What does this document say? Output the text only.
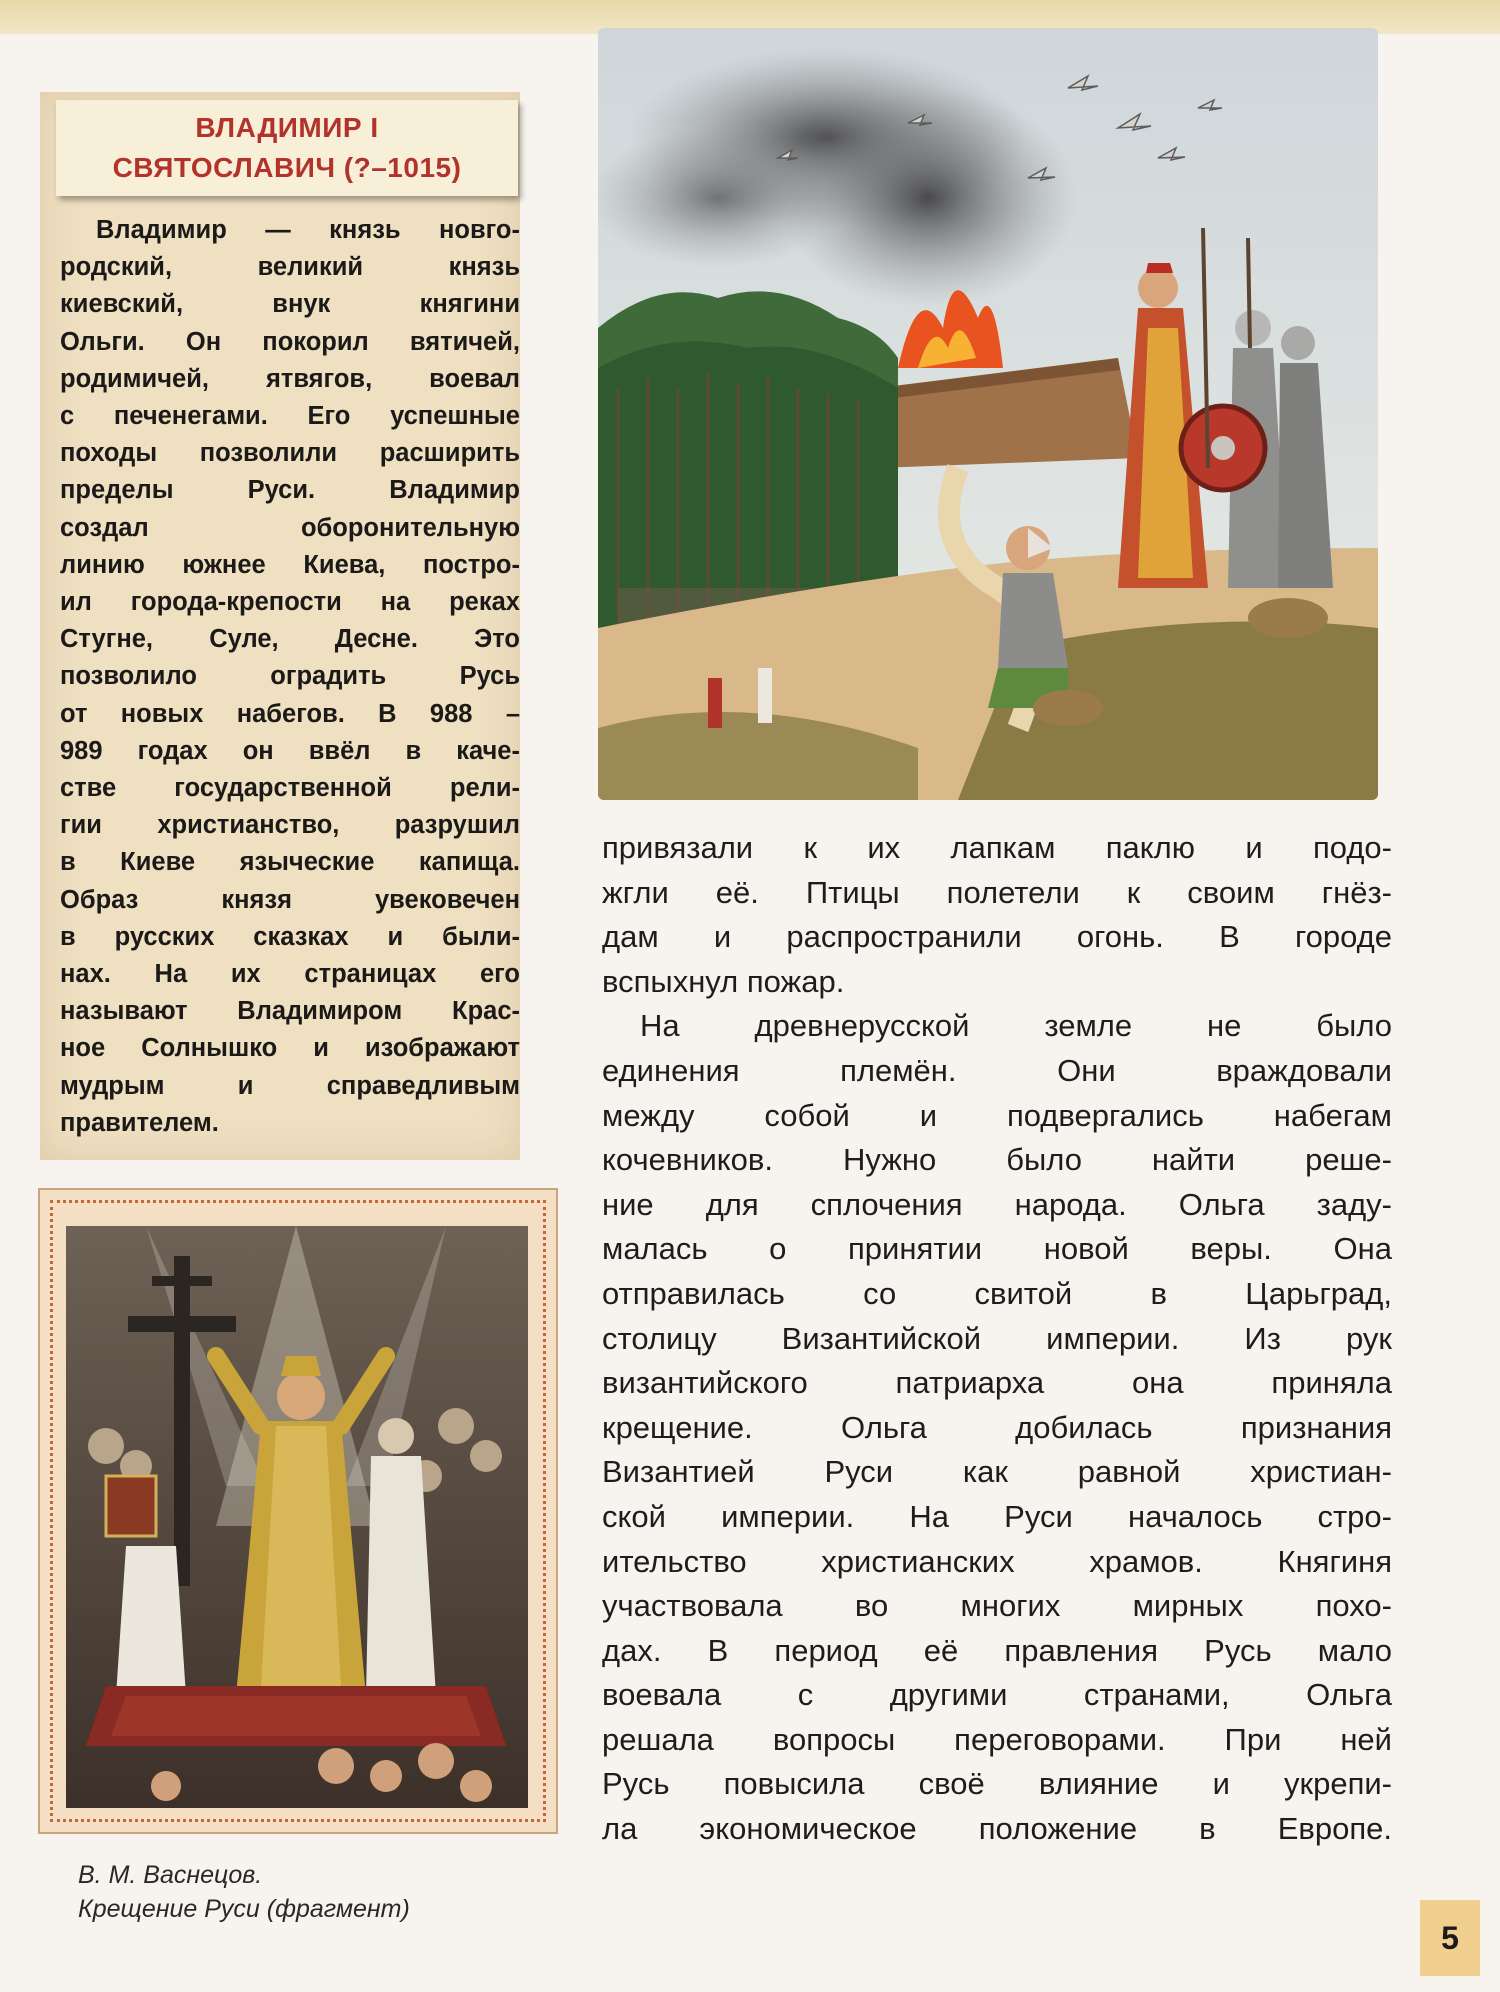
ВЛАДИМИР I
СВЯТОСЛАВИЧ (?–1015)
Владимир — князь новго-
родский, великий князь
киевский, внук княгини
Ольги. Он покорил вятичей,
родимичей, ятвягов, воевал
с печенегами. Его успешные
походы позволили расширить
пределы Руси. Владимир
создал оборонительную
линию южнее Киева, постро-
ил города-крепости на реках
Стугне, Суле, Десне. Это
позволило оградить Русь
от новых набегов. В 988 –
989 годах он ввёл в каче-
стве государственной рели-
гии христианство, разрушил
в Киеве языческие капища.
Образ князя увековечен
в русских сказках и были-
нах. На их страницах его
называют Владимиром Крас-
ное Солнышко и изображают
мудрым и справедливым
правителем.
В. М. Васнецов.
Крещение Руси (фрагмент)
привязали к их лапкам паклю и подо-
жгли её. Птицы полетели к своим гнёз-
дам и распространили огонь. В городе
вспыхнул пожар.
На древнерусской земле не было
единения племён. Они враждовали
между собой и подвергались набегам
кочевников. Нужно было найти реше-
ние для сплочения народа. Ольга заду-
малась о принятии новой веры. Она
отправилась со свитой в Царьград,
столицу Византийской империи. Из рук
византийского патриарха она приняла
крещение. Ольга добилась признания
Византией Руси как равной христиан-
ской империи. На Руси началось стро-
ительство христианских храмов. Княгиня
участвовала во многих мирных похо-
дах. В период её правления Русь мало
воевала с другими странами, Ольга
решала вопросы переговорами. При ней
Русь повысила своё влияние и укрепи-
ла экономическое положение в Европе.
5
